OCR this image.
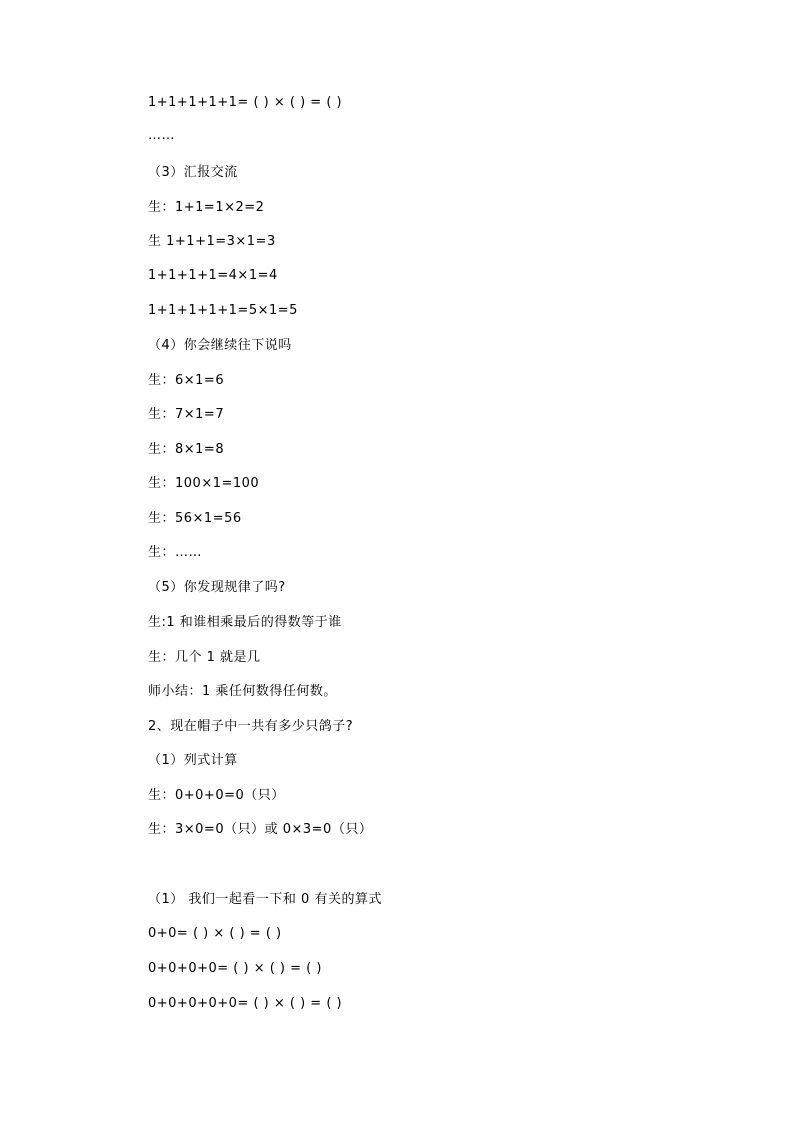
1+1+1+1+1= ( ) × ( ) = ( )
……
（3）汇报交流
生：1+1=1×2=2
生 1+1+1=3×1=3
1+1+1+1=4×1=4
1+1+1+1+1=5×1=5
（4）你会继续往下说吗
生：6×1=6
生：7×1=7
生：8×1=8
生：100×1=100
生：56×1=56
生：……
（5）你发现规律了吗?
生:1 和谁相乘最后的得数等于谁
生：几个 1 就是几
师小结：1 乘任何数得任何数。
2、现在帽子中一共有多少只鸽子?
（1）列式计算
生：0+0+0=0（只）
生：3×0=0（只）或 0×3=0（只）
（1） 我们一起看一下和 0 有关的算式
0+0= ( ) × ( ) = ( )
0+0+0+0= ( ) × ( ) = ( )
0+0+0+0+0= ( ) × ( ) = ( )
